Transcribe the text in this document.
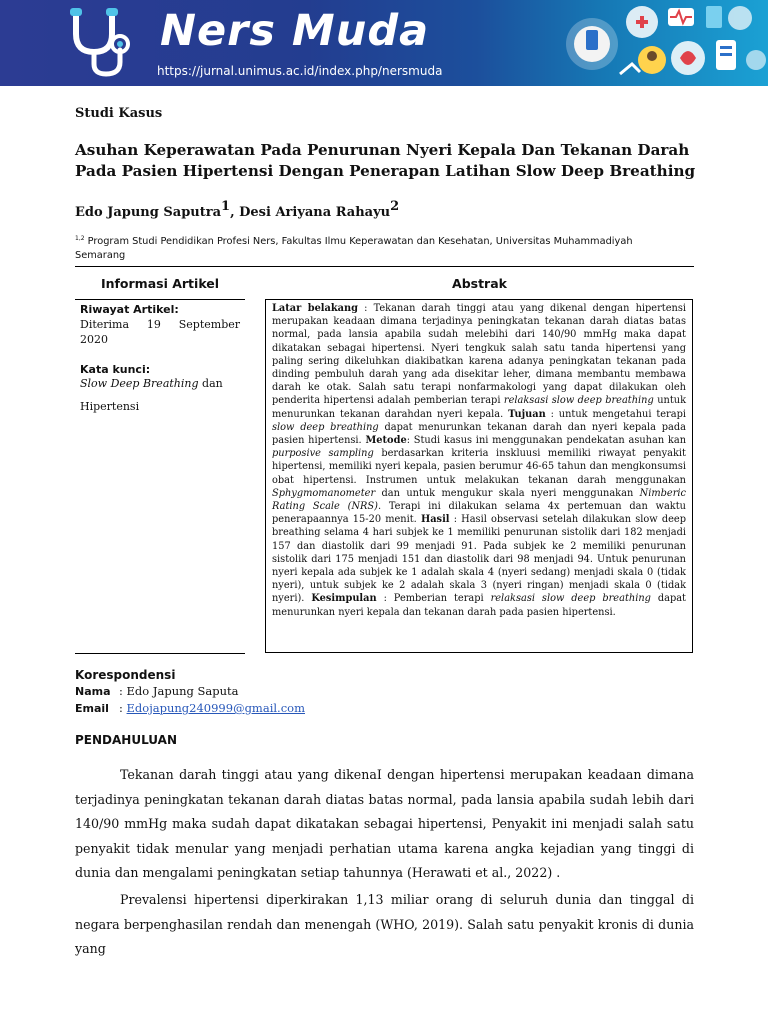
Ners Muda
https://jurnal.unimus.ac.id/index.php/nersmuda
Studi Kasus
Asuhan Keperawatan Pada Penurunan Nyeri Kepala Dan Tekanan Darah Pada Pasien Hipertensi Dengan Penerapan Latihan Slow Deep Breathing
Edo Japung Saputra$^1$, Desi Ariyana Rahayu$^2$
$^{1,2}$ Program Studi Pendidikan Profesi Ners, Fakultas Ilmu Keperawatan dan Kesehatan, Universitas Muhammadiyah Semarang
Informasi Artikel	Abstrak
Riwayat Artikel:
Diterima 19 September 2020
Kata kunci:
Slow Deep Breathing dan
Hipertensi
Latar belakang : Tekanan darah tinggi atau yang dikenal dengan hipertensi merupakan keadaan dimana terjadinya peningkatan tekanan darah diatas batas normal, pada lansia apabila sudah melebihi dari 140/90 mmHg maka dapat dikatakan sebagai hipertensi. Nyeri tengkuk salah satu tanda hipertensi yang paling sering dikeluhkan diakibatkan karena adanya peningkatan tekanan pada dinding pembuluh darah yang ada disekitar leher, dimana membantu membawa darah ke otak. Salah satu terapi nonfarmakologi yang dapat dilakukan oleh penderita hipertensi adalah pemberian terapi relaksasi slow deep breathing untuk menurunkan tekanan darahdan nyeri kepala. Tujuan : untuk mengetahui terapi slow deep breathing dapat menurunkan tekanan darah dan nyeri kepala pada pasien hipertensi. Metode: Studi kasus ini menggunakan pendekatan asuhan kan purposive sampling berdasarkan kriteria inskluusi memiliki riwayat penyakit hipertensi, memiliki nyeri kepala, pasien berumur 46-65 tahun dan mengkonsumsi obat hipertensi. Instrumen untuk melakukan tekanan darah menggunakan Sphygmomanometer dan untuk mengukur skala nyeri menggunakan Nimberic Rating Scale (NRS). Terapi ini dilakukan selama 4x pertemuan dan waktu penerapaannya 15-20 menit. Hasil : Hasil observasi setelah dilakukan slow deep breathing selama 4 hari subjek ke 1 memiliki penurunan sistolik dari 182 menjadi 157 dan diastolik dari 99 menjadi 91. Pada subjek ke 2 memiliki penurunan sistolik dari 175 menjadi 151 dan diastolik dari 98 menjadi 94. Untuk penurunan nyeri kepala ada subjek ke 1 adalah skala 4 (nyeri sedang) menjadi skala 0 (tidak nyeri), untuk subjek ke 2 adalah skala 3 (nyeri ringan) menjadi skala 0 (tidak nyeri). Kesimpulan : Pemberian terapi relaksasi slow deep breathing dapat menurunkan nyeri kepala dan tekanan darah pada pasien hipertensi.
Korespondensi
Nama : Edo Japung Saputa
Email : Edojapung240999@gmail.com
PENDAHULUAN
Tekanan darah tinggi atau yang dikenaI dengan hipertensi merupakan keadaan dimana terjadinya peningkatan tekanan darah diatas batas normal, pada lansia apabila sudah lebih dari 140/90 mmHg maka sudah dapat dikatakan sebagai hipertensi, Penyakit ini menjadi salah satu penyakit tidak menular yang menjadi perhatian utama karena angka kejadian yang tinggi di dunia dan mengalami peningkatan setiap tahunnya (Herawati et al., 2022) .
Prevalensi hipertensi diperkirakan 1,13 miliar orang di seluruh dunia dan tinggal di negara berpenghasilan rendah dan menengah (WHO, 2019). Salah satu penyakit kronis di dunia yang
